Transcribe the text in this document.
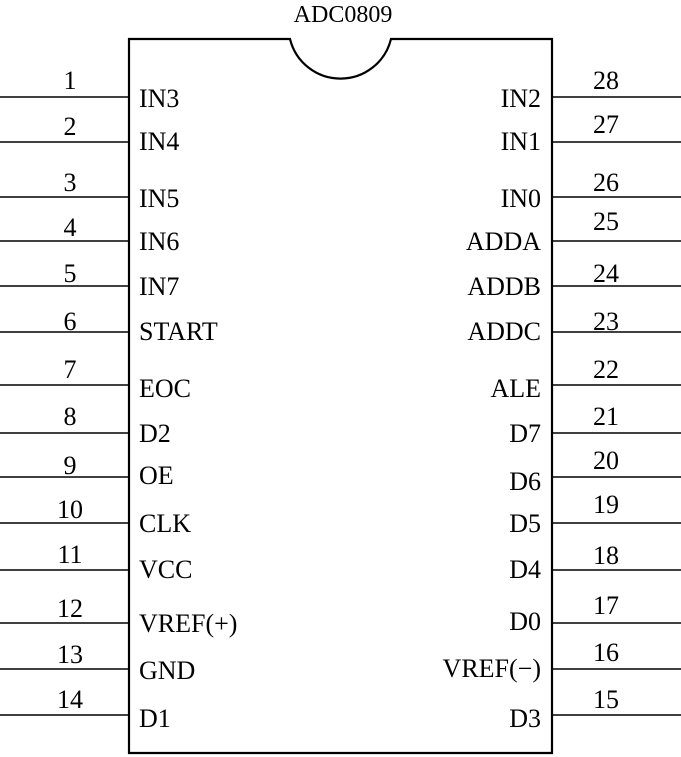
ADC0809
1
IN3
2
IN4
3
IN5
4 IN6
5 IN7
6 START
7
EOC
8
D2
9 OE
10 CLK
11
VCC
12
VREF(+)
13
GND
14
D1
28
IN2
27
IN1
26
IN0
25
ADDA
24
ADDB
23
ADDC
22
ALE
21
D7
20
D6
19
D5
18
D4
17
D0
16
VREF(−)
15
D3
